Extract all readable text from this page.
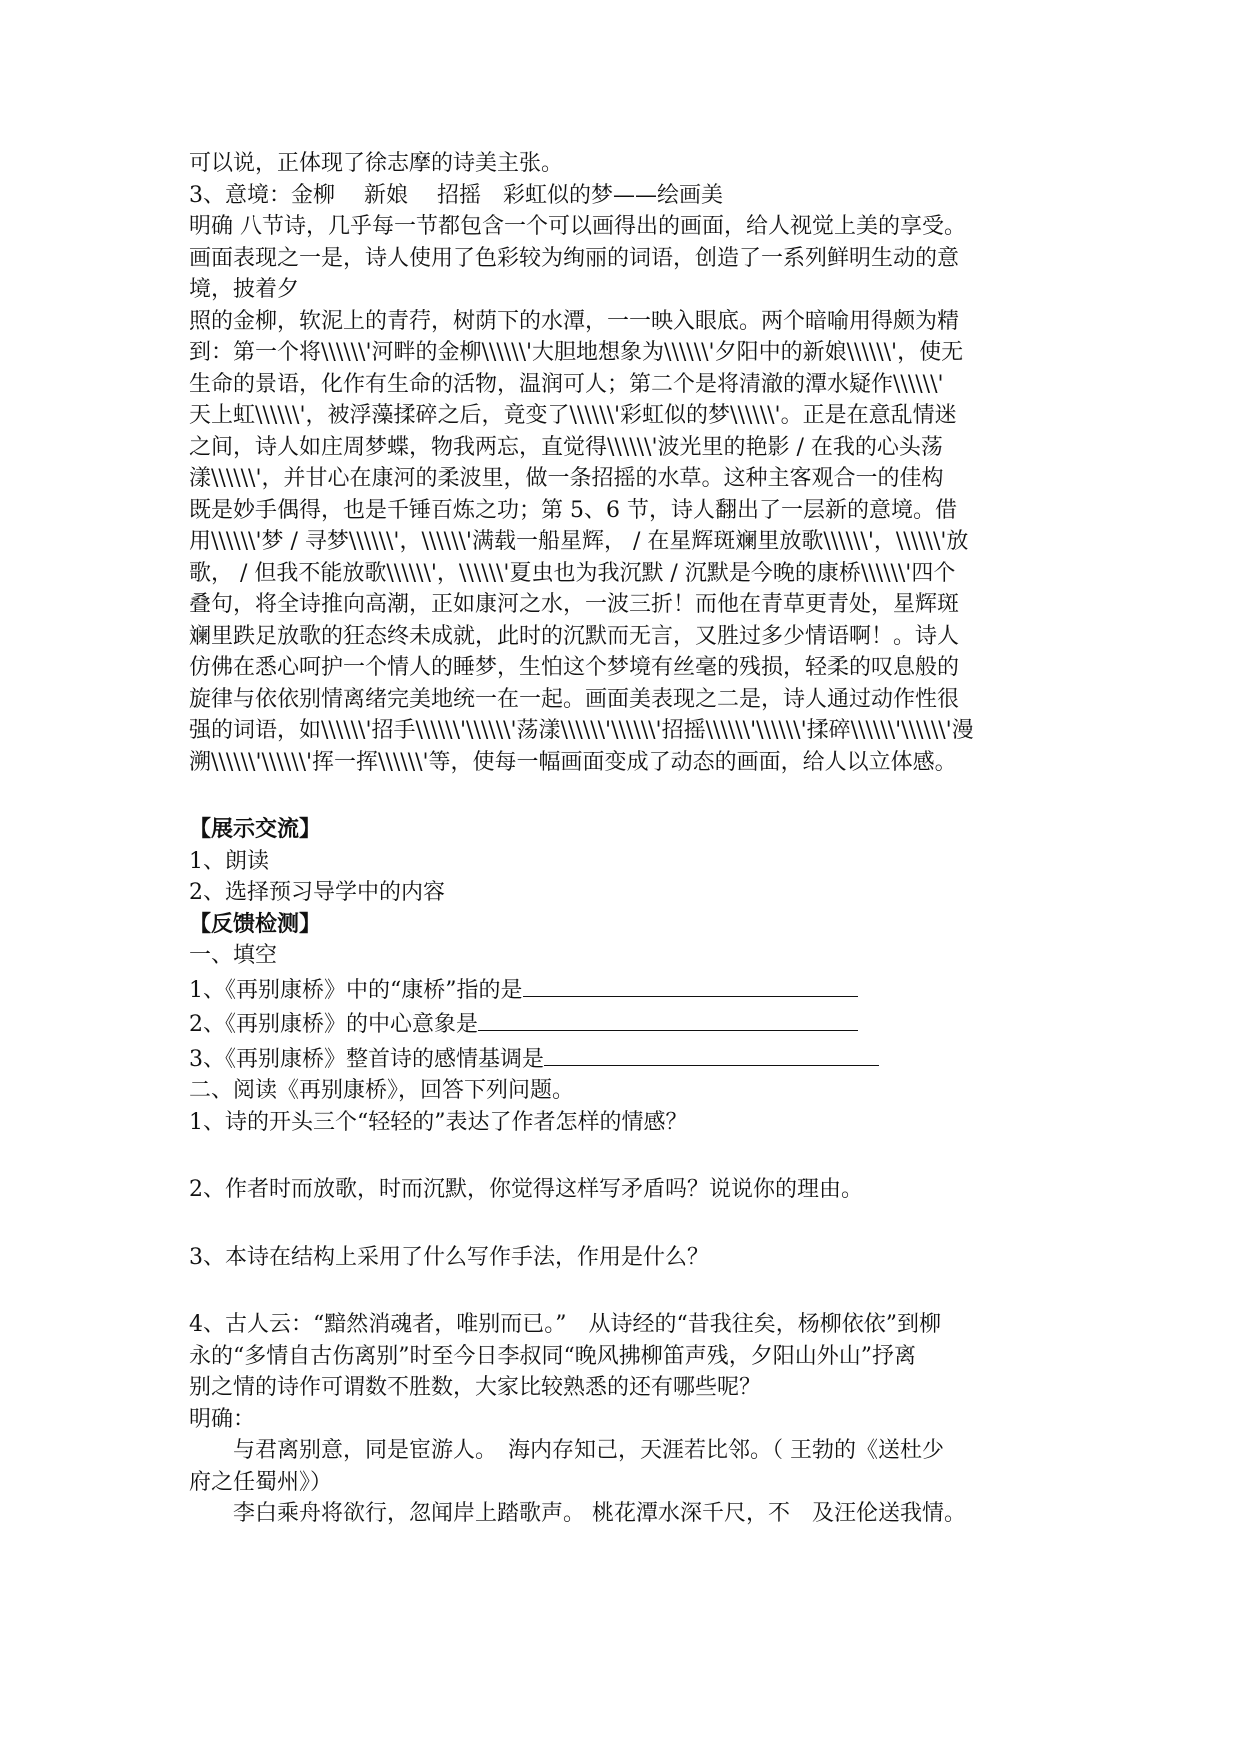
可以说，正体现了徐志摩的诗美主张。

3、意境：金柳　 新娘　 招摇　彩虹似的梦——绘画美

明确 八节诗，几乎每一节都包含一个可以画得出的画面，给人视觉上美的享受。

画面表现之一是，诗人使用了色彩较为绚丽的词语，创造了一系列鲜明生动的意

境，披着夕

照的金柳，软泥上的青荇，树荫下的水潭，一一映入眼底。两个暗喻用得颇为精

到：第一个将\\\\\\'河畔的金柳\\\\\\'大胆地想象为\\\\\\'夕阳中的新娘\\\\\\'，使无

生命的景语，化作有生命的活物，温润可人；第二个是将清澈的潭水疑作\\\\\\'

天上虹\\\\\\'，被浮藻揉碎之后，竟变了\\\\\\'彩虹似的梦\\\\\\'。正是在意乱情迷

之间，诗人如庄周梦蝶，物我两忘，直觉得\\\\\\'波光里的艳影 / 在我的心头荡

漾\\\\\\'，并甘心在康河的柔波里，做一条招摇的水草。这种主客观合一的佳构

既是妙手偶得，也是千锤百炼之功；第 5、6 节，诗人翻出了一层新的意境。借

用\\\\\\'梦 / 寻梦\\\\\\'，\\\\\\'满载一船星辉， / 在星辉斑斓里放歌\\\\\\'，\\\\\\'放

歌， / 但我不能放歌\\\\\\'，\\\\\\'夏虫也为我沉默 / 沉默是今晚的康桥\\\\\\'四个

叠句，将全诗推向高潮，正如康河之水，一波三折！而他在青草更青处，星辉斑

斓里跌足放歌的狂态终未成就，此时的沉默而无言，又胜过多少情语啊！。诗人

仿佛在悉心呵护一个情人的睡梦，生怕这个梦境有丝毫的残损，轻柔的叹息般的

旋律与依依别情离绪完美地统一在一起。画面美表现之二是，诗人通过动作性很

强的词语，如\\\\\\'招手\\\\\\'\\\\\\'荡漾\\\\\\'\\\\\\'招摇\\\\\\'\\\\\\'揉碎\\\\\\'\\\\\\'漫

溯\\\\\\'\\\\\\'挥一挥\\\\\\'等，使每一幅画面变成了动态的画面，给人以立体感。

【展示交流】

1、朗读

2、选择预习导学中的内容

【反馈检测】

一、填空

1、《再别康桥》中的“康桥”指的是

2、《再别康桥》的中心意象是

3、《再别康桥》整首诗的感情基调是

二、阅读《再别康桥》，回答下列问题。

1、诗的开头三个“轻轻的”表达了作者怎样的情感？

2、作者时而放歌，时而沉默，你觉得这样写矛盾吗？说说你的理由。

3、本诗在结构上采用了什么写作手法，作用是什么？

4、古人云：“黯然消魂者，唯别而已。”　从诗经的“昔我往矣，杨柳依依”到柳

永的“多情自古伤离别”时至今日李叔同“晚风拂柳笛声残，夕阳山外山”抒离

别之情的诗作可谓数不胜数，大家比较熟悉的还有哪些呢？

明确：

与君离别意，同是宦游人。　海内存知己，天涯若比邻。（ 王勃的《送杜少

府之任蜀州》）

李白乘舟将欲行，忽闻岸上踏歌声。 桃花潭水深千尺，不　及汪伦送我情。
